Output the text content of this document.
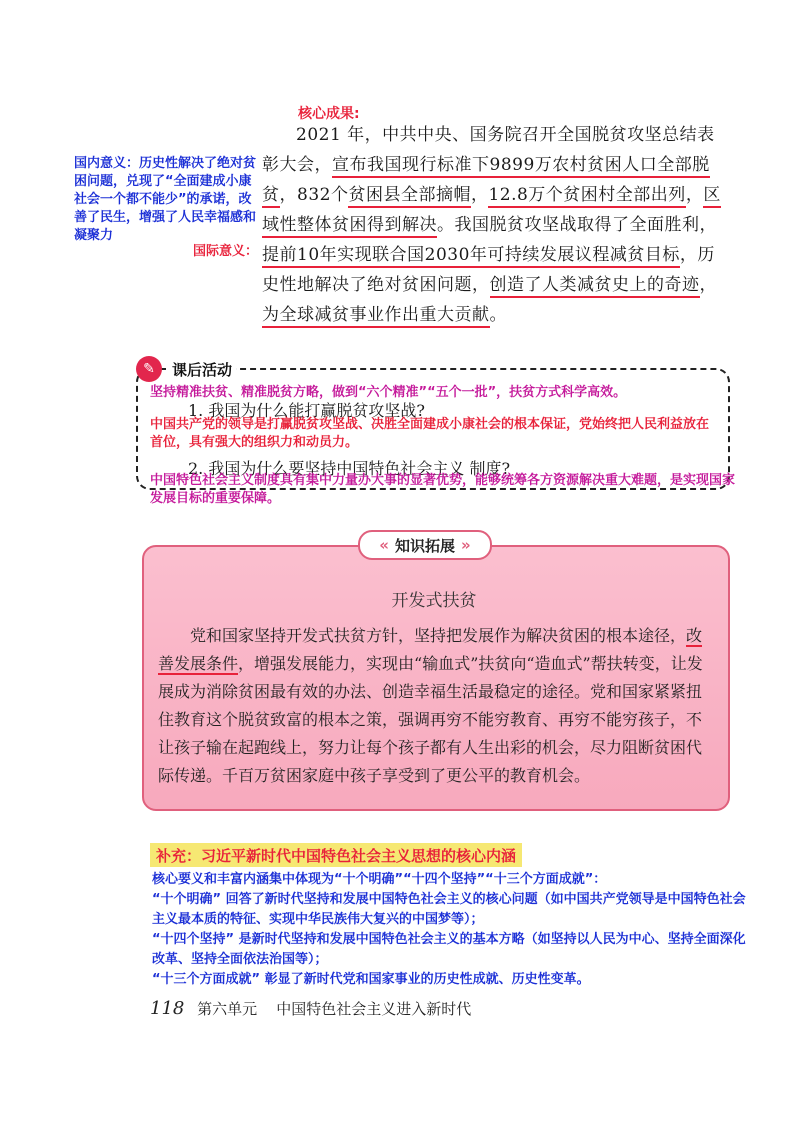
核心成果:

2021 年，中共中央、国务院召开全国脱贫攻坚总结表彰大会，宣布我国现行标准下9899万农村贫困人口全部脱贫，832个贫困县全部摘帽，12.8万个贫困村全部出列，区域性整体贫困得到解决。我国脱贫攻坚战取得了全面胜利，提前10年实现联合国2030年可持续发展议程减贫目标，历史性地解决了绝对贫困问题，创造了人类减贫史上的奇迹，为全球减贫事业作出重大贡献。

国内意义：历史性解决了绝对贫困问题，兑现了“全面建成小康社会一个都不能少”的承诺，改善了民生，增强了人民幸福感和凝聚力
国际意义：
✎	课后活动
坚持精准扶贫、精准脱贫方略，做到“六个精准”“五个一批”，扶贫方式科学高效。
1. 我国为什么能打赢脱贫攻坚战?
中国共产党的领导是打赢脱贫攻坚战、决胜全面建成小康社会的根本保证，党始终把人民利益放在首位，具有强大的组织力和动员力。
2. 我国为什么要坚持中国特色社会主义 制度?
中国特色社会主义制度具有集中力量办大事的显著优势，能够统筹各方资源解决重大难题，是实现国家发展目标的重要保障。
« 知识拓展 »
开发式扶贫

党和国家坚持开发式扶贫方针，坚持把发展作为解决贫困的根本途径，改善发展条件，增强发展能力，实现由“输血式”扶贫向“造血式”帮扶转变，让发展成为消除贫困最有效的办法、创造幸福生活最稳定的途径。党和国家紧紧扭住教育这个脱贫致富的根本之策，强调再穷不能穷教育、再穷不能穷孩子，不让孩子输在起跑线上，努力让每个孩子都有人生出彩的机会，尽力阻断贫困代际传递。千百万贫困家庭中孩子享受到了更公平的教育机会。

补充：习近平新时代中国特色社会主义思想的核心内涵
核心要义和丰富内涵集中体现为“十个明确”“十四个坚持”“十三个方面成就”：
“十个明确” 回答了新时代坚持和发展中国特色社会主义的核心问题（如中国共产党领导是中国特色社会主义最本质的特征、实现中华民族伟大复兴的中国梦等）；
“十四个坚持” 是新时代坚持和发展中国特色社会主义的基本方略（如坚持以人民为中心、坚持全面深化改革、坚持全面依法治国等）；
“十三个方面成就” 彰显了新时代党和国家事业的历史性成就、历史性变革。
118 第六单元 中国特色社会主义进入新时代
